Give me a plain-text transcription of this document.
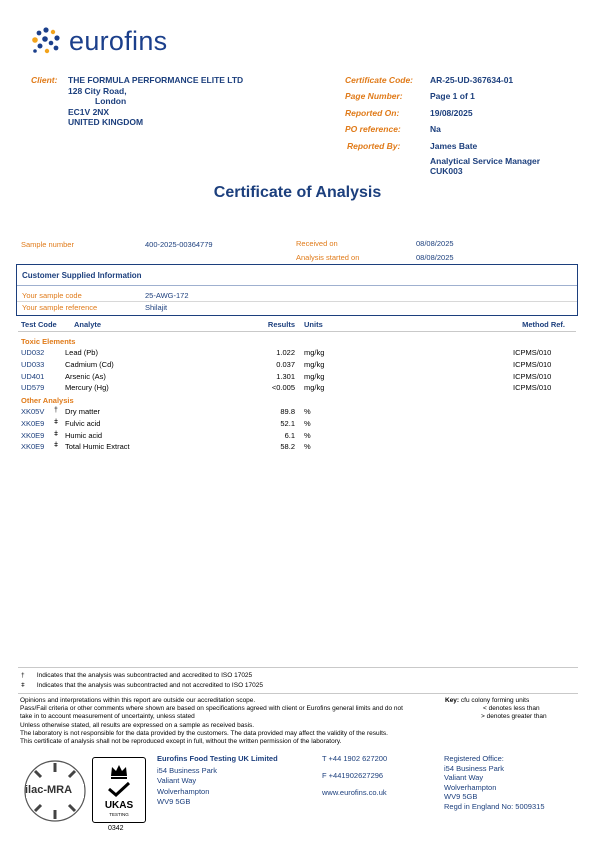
eurofins
Client: THE FORMULA PERFORMANCE ELITE LTD
128 City Road,
London
EC1V 2NX
UNITED KINGDOM
Certificate Code: AR-25-UD-367634-01
Page Number:	Page 1 of 1
Reported On:	19/08/2025
PO reference:	Na
Reported By:	James Bate
Analytical Service Manager
CUK003
Certificate of Analysis
Sample number	400-2025-00364779	Received on	08/08/2025
Analysis started on	08/08/2025
Customer Supplied Information
Your sample code	25-AWG-172
Your sample reference	Shilajit
Test Code Analyte	Results Units	Method Ref.
Toxic Elements
UD032	Lead (Pb)	1.022 mg/kg	ICPMS/010
UD033	Cadmium (Cd)	0.037 mg/kg	ICPMS/010
UD401	Arsenic (As)	1.301 mg/kg	ICPMS/010
UD579	Mercury (Hg)	<0.005 mg/kg	ICPMS/010
Other Analysis
XK05V † Dry matter	89.8 %
XK0E9 ǂ Fulvic acid	52.1 %
XK0E9 ǂ Humic acid	6.1 %
XK0E9 ǂ Total Humic Extract	58.2 %
† Indicates that the analysis was subcontracted and accredited to ISO 17025
ǂ Indicates that the analysis was subcontracted and not accredited to ISO 17025
Opinions and interpretations within this report are outside our accreditation scope.
Pass/Fail criteria or other comments where shown are based on specifications agreed with client or Eurofins general limits and do not
take in to account measurement of uncertainty, unless stated
Unless otherwise stated, all results are expressed on a sample as received basis.
The laboratory is not responsible for the data provided by the customers. The data provided may affect the validity of the results.
This certificate of analysis shall not be reproduced except in full, without the written permission of the laboratory.
Key: cfu colony forming units
< denotes less than
> denotes greater than
ilac-MRA
UKAS
TESTING
0342
Eurofins Food Testing UK Limited
i54 Business Park
Valiant Way
Wolverhampton
WV9 5GB
T +44 1902 627200
F +441902627296
www.eurofins.co.uk
Registered Office:
i54 Business Park
Valiant Way
Wolverhampton
WV9 5GB
Regd in England No: 5009315
